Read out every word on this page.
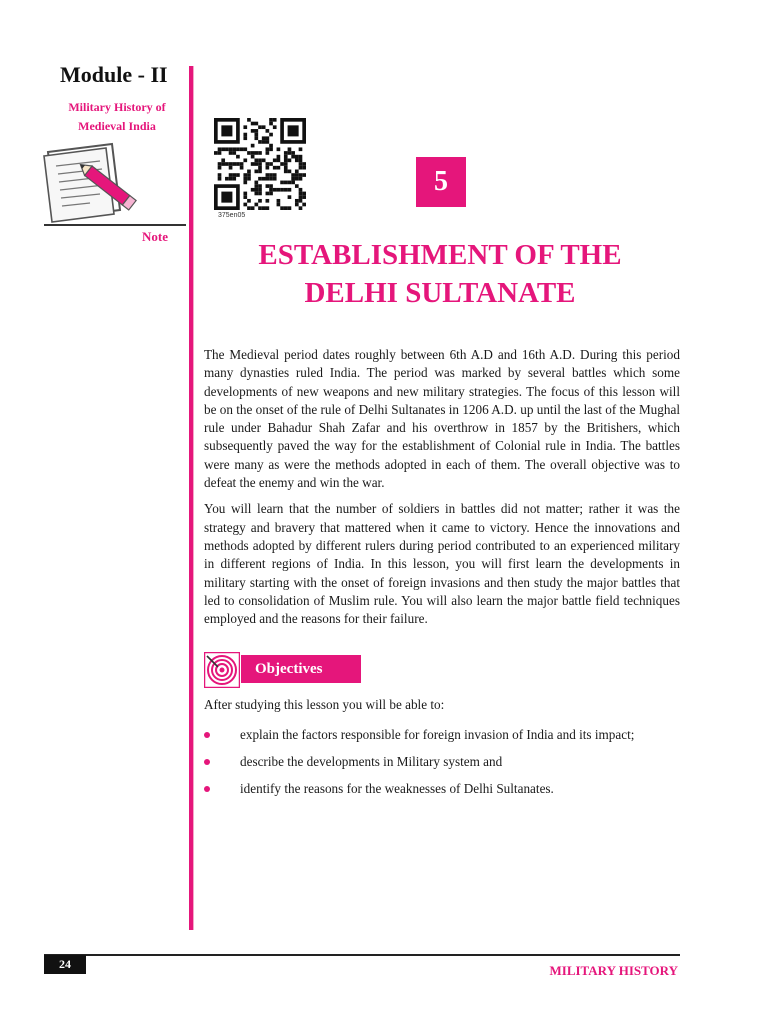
Module - II
Military History of
Medieval India
Note
375en05
5
ESTABLISHMENT OF THE
DELHI SULTANATE

The Medieval period dates roughly between 6th A.D and 16th A.D. During this period many dynasties ruled India. The period was marked by several battles which some developments of new weapons and new military strategies. The focus of this lesson will be on the onset of the rule of Delhi Sultanates in 1206 A.D. up until the last of the Mughal rule under Bahadur Shah Zafar and his overthrow in 1857 by the Britishers, which subsequently paved the way for the establishment of Colonial rule in India. The battles were many as were the methods adopted in each of them. The overall objective was to defeat the enemy and win the war.

You will learn that the number of soldiers in battles did not matter; rather it was the strategy and bravery that mattered when it came to victory. Hence the innovations and methods adopted by different rulers during period contributed to an experienced military in different regions of India. In this lesson, you will first learn the developments in military starting with the onset of foreign invasions and then study the major battles that led to consolidation of Muslim rule. You will also learn the major battle field techniques employed and the reasons for their failure.

Objectives
After studying this lesson you will be able to:
explain the factors responsible for foreign invasion of India and its impact;
describe the developments in Military system and
identify the reasons for the weaknesses of Delhi Sultanates.
24	MILITARY HISTORY
